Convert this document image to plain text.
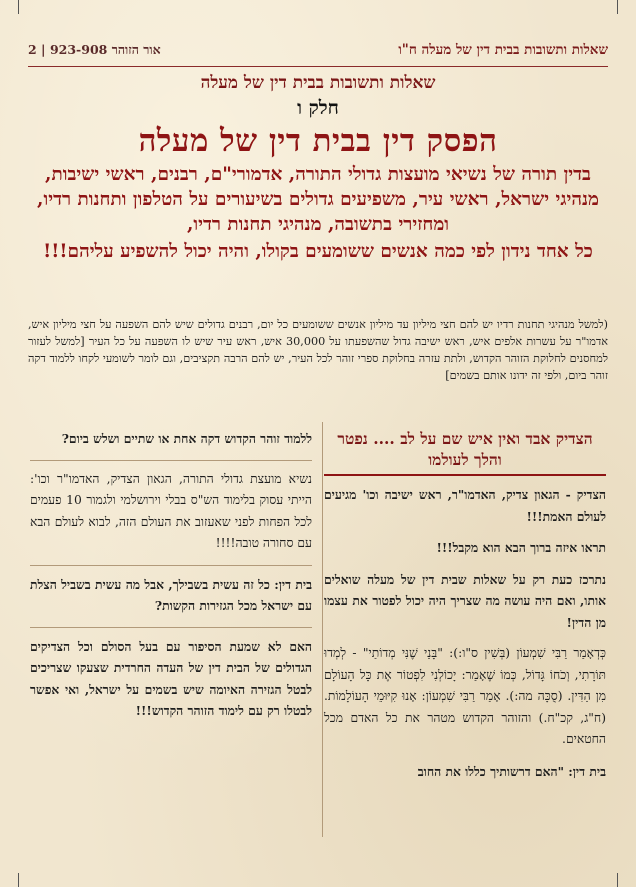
שאלות ותשובות בבית דין של מעלה ח"ו
אור הזוהר 923-908 | 2
שאלות ותשובות בבית דין של מעלה
חלק ו
הפסק דין בבית דין של מעלה
בדין תורה של נשיאי מועצות גדולי התורה, אדמורי"ם, רבנים, ראשי ישיבות, מנהיגי ישראל, ראשי עיר, משפיעים גדולים בשיעורים על הטלפון ותחנות רדיו, ומחזירי בתשובה, מנהיגי תחנות רדיו,
כל אחד נידון לפי כמה אנשים ששומעים בקולו, והיה יכול להשפיע עליהם!!!
(למשל מנהיגי תחנות רדיו יש להם חצי מיליון עד מיליון אנשים ששומעים כל יום, רבנים גדולים שיש להם השפעה על חצי מיליון איש, אדמו"ר על עשרות אלפים איש, ראש ישיבה גדול שהשפעתו על 30,000 איש, ראש עיר שיש לו השפעה על כל העיר [למשל לעזור למחסנים לחלוקת הזוהר הקדוש, ולתת עזרה בחלוקת ספרי זוהר לכל העיר, יש להם הרבה תקציבים, וגם לומר לשומעי לקחו ללמוד דקה זוהר ביום, ולפי זה ידונו אותם בשמים]
הצדיק אבד ואין איש שם על לב .... נפטר והלך לעולמו

הצדיק - הגאון צדיק, האדמו"ר, ראש ישיבה וכו' מגיעים לעולם האמת!!!

תראו איזה ברוך הבא הוא מקבל!!!

נתרכז כעת רק על שאלות שבית דין של מעלה שואלים אותו, ואם היה עושה מה שצריך היה יכול לפטור את עצמו מן הדין!

כְּדְאָמַר רַבִּי שִׁמְעוֹן (בְּשִׁין ס"ו:): "בָּנַי שֶׁנִּי מְדוֹתַי" - לְמְדוּ תּוֹרָתִי, וְכֹחוֹ גָּדוֹל, כְּמוֹ שֶׁאָמַר: יָכוֹלְנִי לִפְטוֹר אֶת כָּל הָעוֹלָם מִן הַדִּין. (סֻכָּה מה:). אָמַר רַבִּי שִׁמְעוֹן: אָנוּ קִיּוּמֵי הָעוֹלָמוֹת. (ח"ג, קכ"ח.) והזוהר הקדוש מטהר את כל האדם מכל החטאים.

בית דין: "האם דרשותיך כללו את החוב

ללמוד זוהר הקדוש דקה אחת או שתיים ושלש ביום?

נשיא מועצת גדולי התורה, הגאון הצדיק, האדמו"ר וכו': הייתי עסוק בלימוד הש"ס בבלי וירושלמי ולגמור 10 פעמים לכל הפחות לפני שאעזוב את העולם הזה, לבוא לעולם הבא עם סחורה טובה!!!!

בית דין: כל זה עשית בשבילך, אבל מה עשית בשביל הצלת עם ישראל מכל הגזירות הקשות?

האם לא שמעת הסיפור עם בעל הסולם וכל הצדיקים הגדולים של הבית דין של העדה החרדית שצעקו שצריכים לבטל הגזירה האיומה שיש בשמים על ישראל, ואי אפשר לבטלו רק עם לימוד הזוהר הקדוש!!!
